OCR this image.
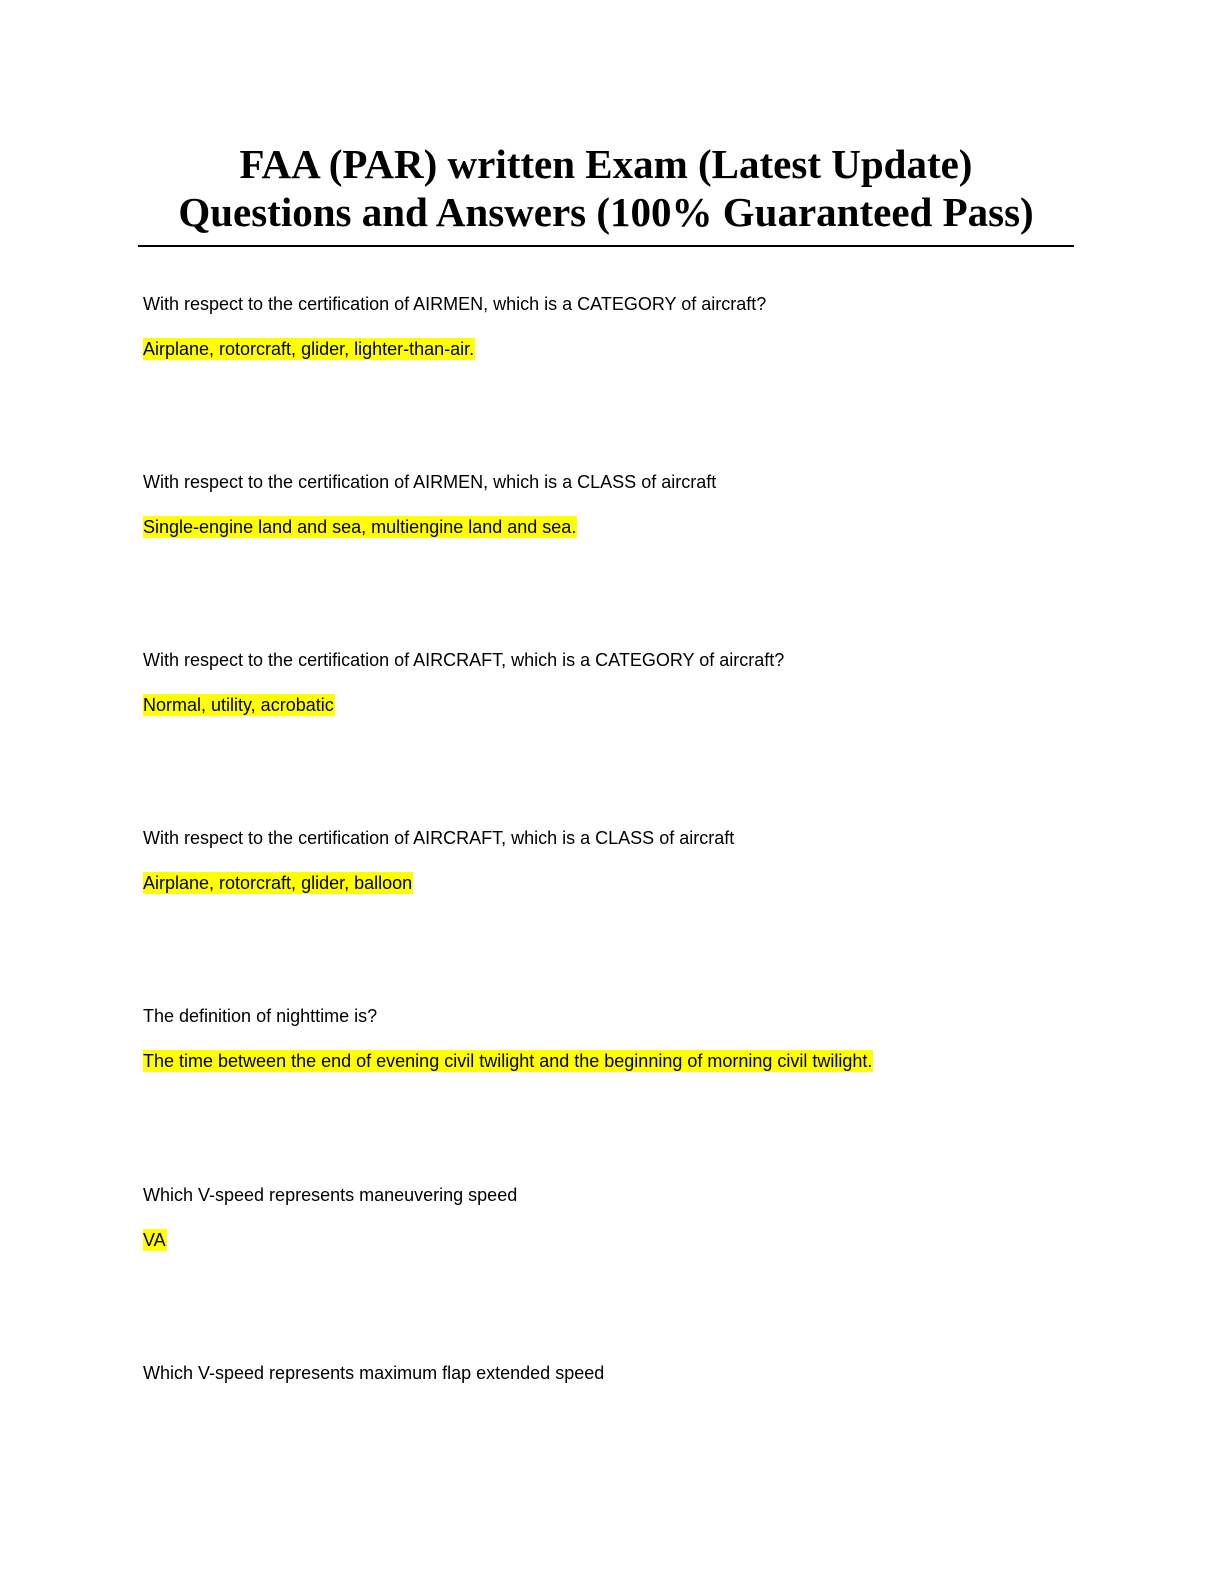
FAA (PAR) written Exam (Latest Update)
Questions and Answers (100% Guaranteed Pass)
With respect to the certification of AIRMEN, which is a CATEGORY of aircraft?
Airplane, rotorcraft, glider, lighter-than-air.
With respect to the certification of AIRMEN, which is a CLASS of aircraft
Single-engine land and sea, multiengine land and sea.
With respect to the certification of AIRCRAFT, which is a CATEGORY of aircraft?
Normal, utility, acrobatic
With respect to the certification of AIRCRAFT, which is a CLASS of aircraft
Airplane, rotorcraft, glider, balloon
The definition of nighttime is?
The time between the end of evening civil twilight and the beginning of morning civil twilight.
Which V-speed represents maneuvering speed
VA
Which V-speed represents maximum flap extended speed
